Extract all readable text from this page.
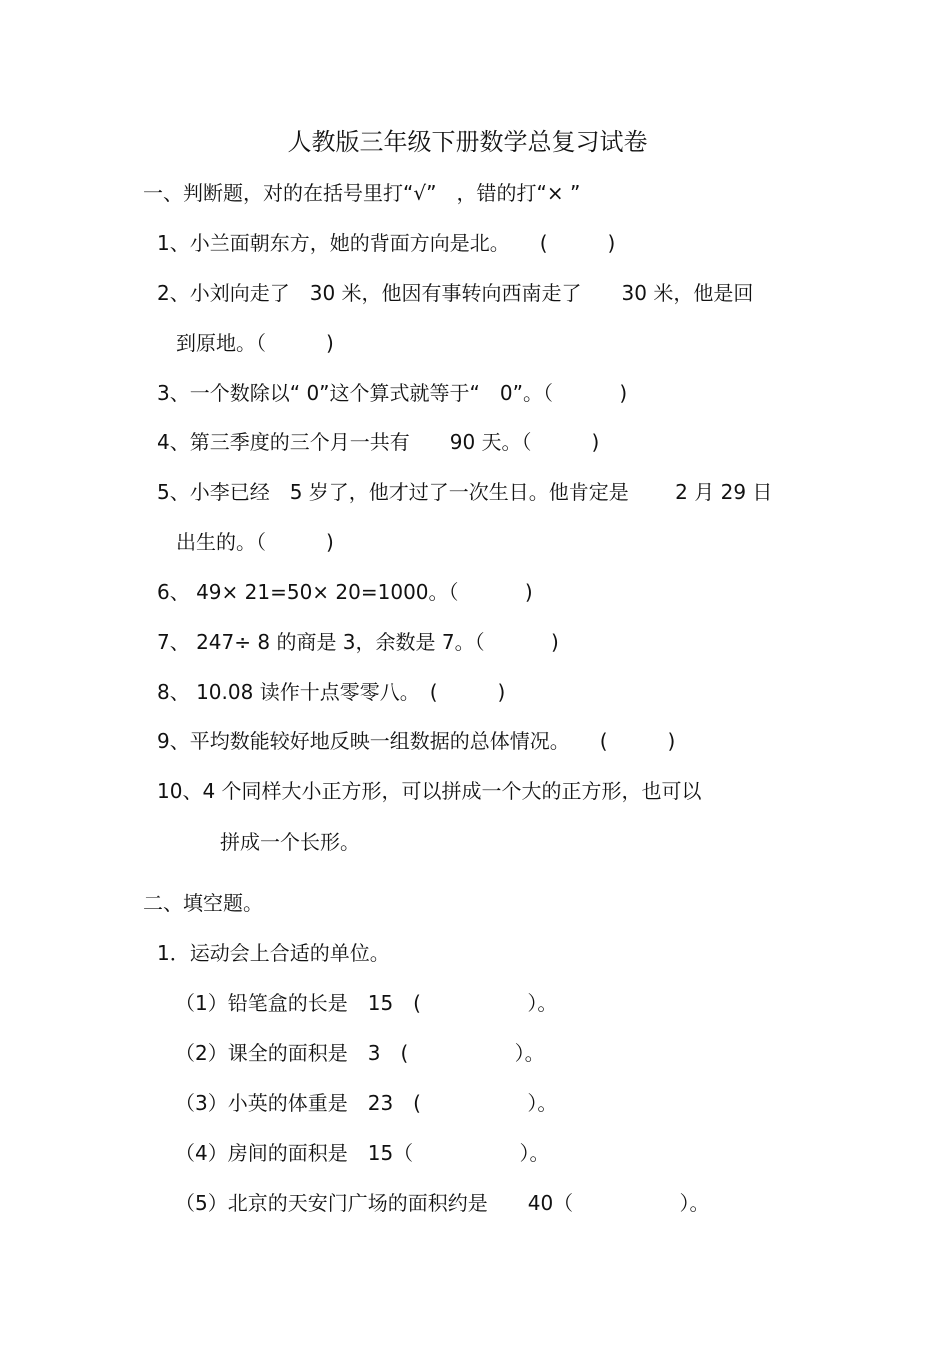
人教版三年级下册数学总复习试卷
一、判断题，对的在括号里打“√”　，错的打“× ”
1、小兰面朝东方，她的背面方向是北。　　(　　　)
2、小刘向走了　30 米，他因有事转向西南走了　　30 米，他是回
到原地。（　　　)
3、一个数除以“ 0”这个算式就等于“　0”。（　　　 )
4、第三季度的三个月一共有　　90 天。（　　　)
5、小李已经　5 岁了，他才过了一次生日。他肯定是　　 2 月 29 日
出生的。（　　　)
6、 49× 21=50× 20=1000。（　　　 )
7、 247÷ 8 的商是 3，余数是 7。（　　　 )
8、 10.08 读作十点零零八。　(　　　)
9、平均数能较好地反映一组数据的总体情况。　　(　　　)
10、4 个同样大小正方形，可以拼成一个大的正方形，也可以
拼成一个长形。
二、填空题。
1．运动会上合适的单位。
（1）铅笔盒的长是　15　(　　　　　 ）。
（2）课全的面积是　3　(　　　　　 ）。
（3）小英的体重是　23　(　　　　　 ）。
（4）房间的面积是　15（　　　　　 ）。
（5）北京的天安门广场的面积约是　　40（　　　　　 ）。
